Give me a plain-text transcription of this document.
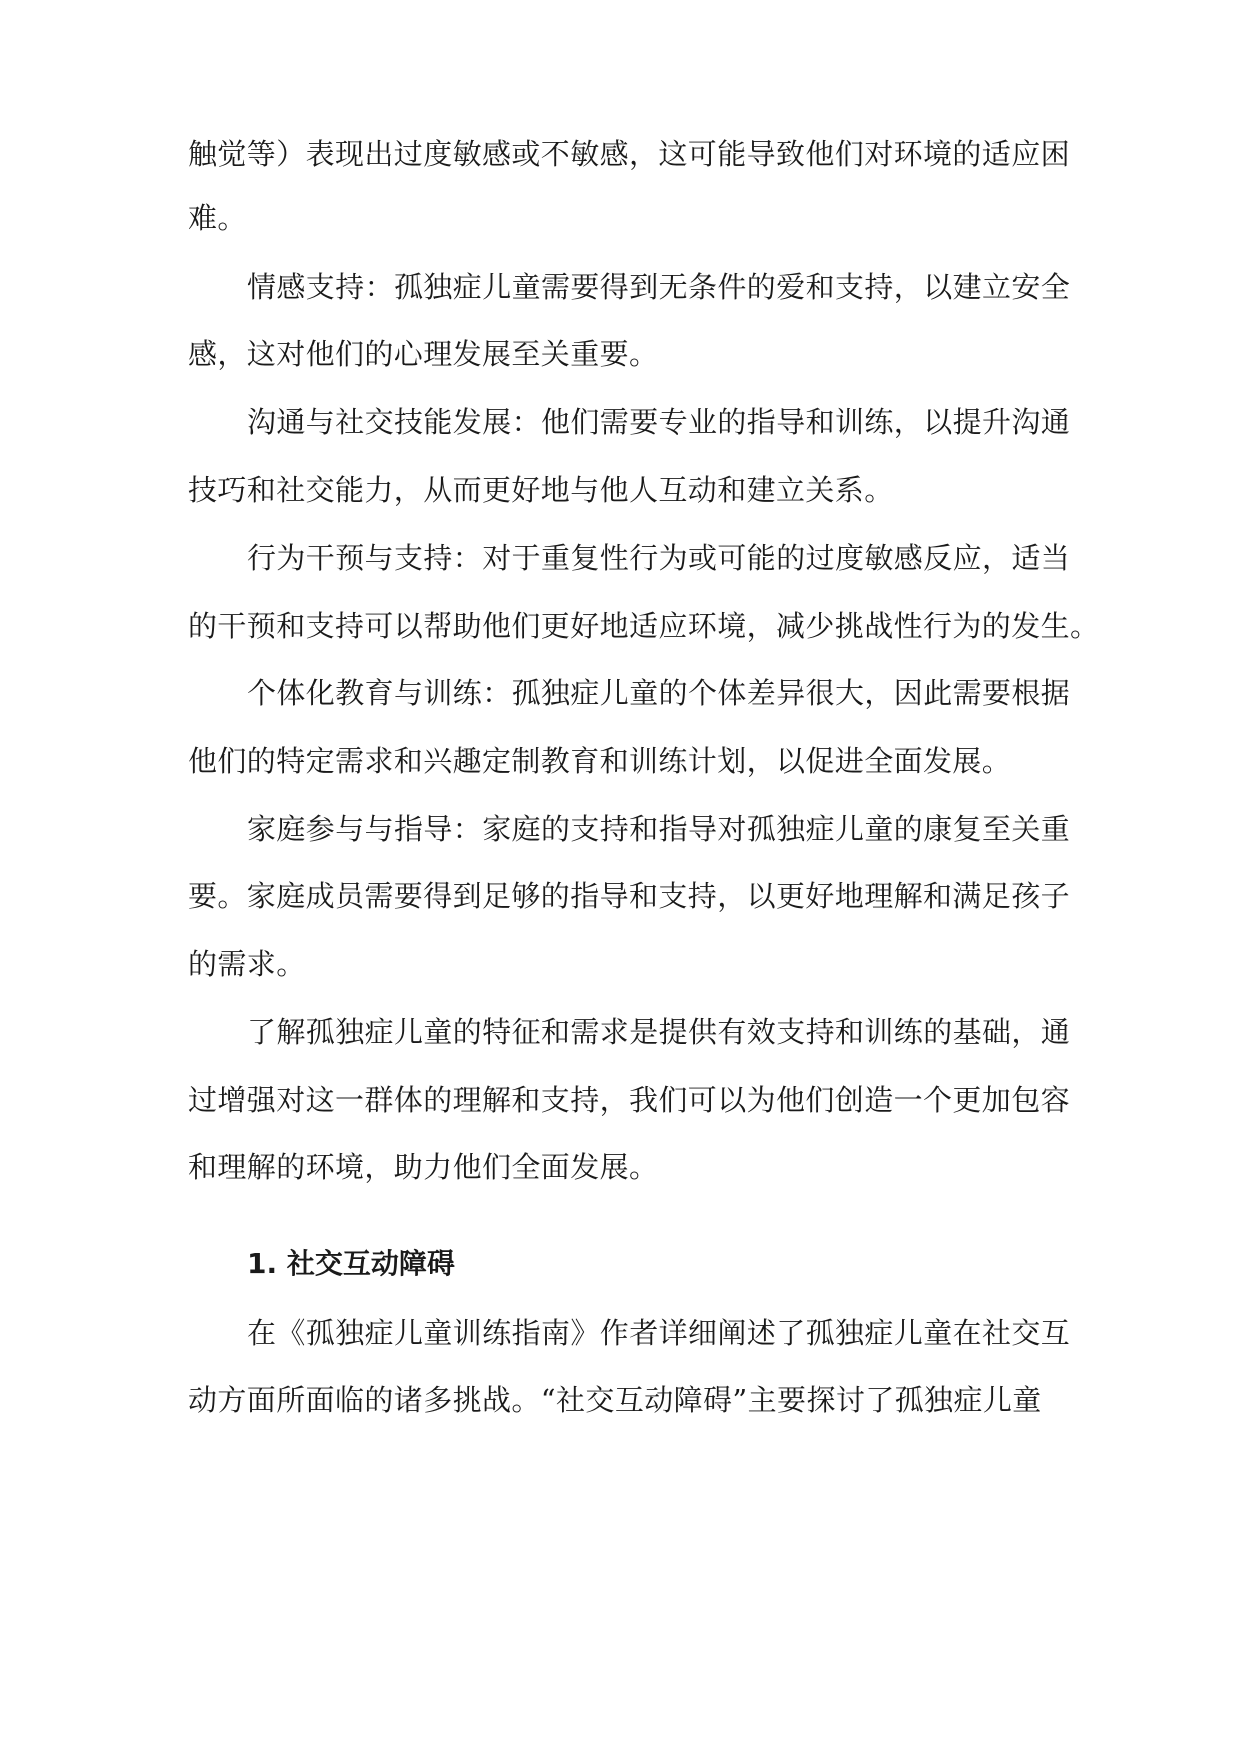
触觉等）表现出过度敏感或不敏感，这可能导致他们对环境的适应困
难。
情感支持：孤独症儿童需要得到无条件的爱和支持，以建立安全
感，这对他们的心理发展至关重要。
沟通与社交技能发展：他们需要专业的指导和训练，以提升沟通
技巧和社交能力，从而更好地与他人互动和建立关系。
行为干预与支持：对于重复性行为或可能的过度敏感反应，适当
的干预和支持可以帮助他们更好地适应环境，减少挑战性行为的发生。
个体化教育与训练：孤独症儿童的个体差异很大，因此需要根据
他们的特定需求和兴趣定制教育和训练计划，以促进全面发展。
家庭参与与指导：家庭的支持和指导对孤独症儿童的康复至关重
要。家庭成员需要得到足够的指导和支持，以更好地理解和满足孩子
的需求。
了解孤独症儿童的特征和需求是提供有效支持和训练的基础，通
过增强对这一群体的理解和支持，我们可以为他们创造一个更加包容
和理解的环境，助力他们全面发展。
1. 社交互动障碍
在《孤独症儿童训练指南》作者详细阐述了孤独症儿童在社交互
动方面所面临的诸多挑战。“社交互动障碍”主要探讨了孤独症儿童
